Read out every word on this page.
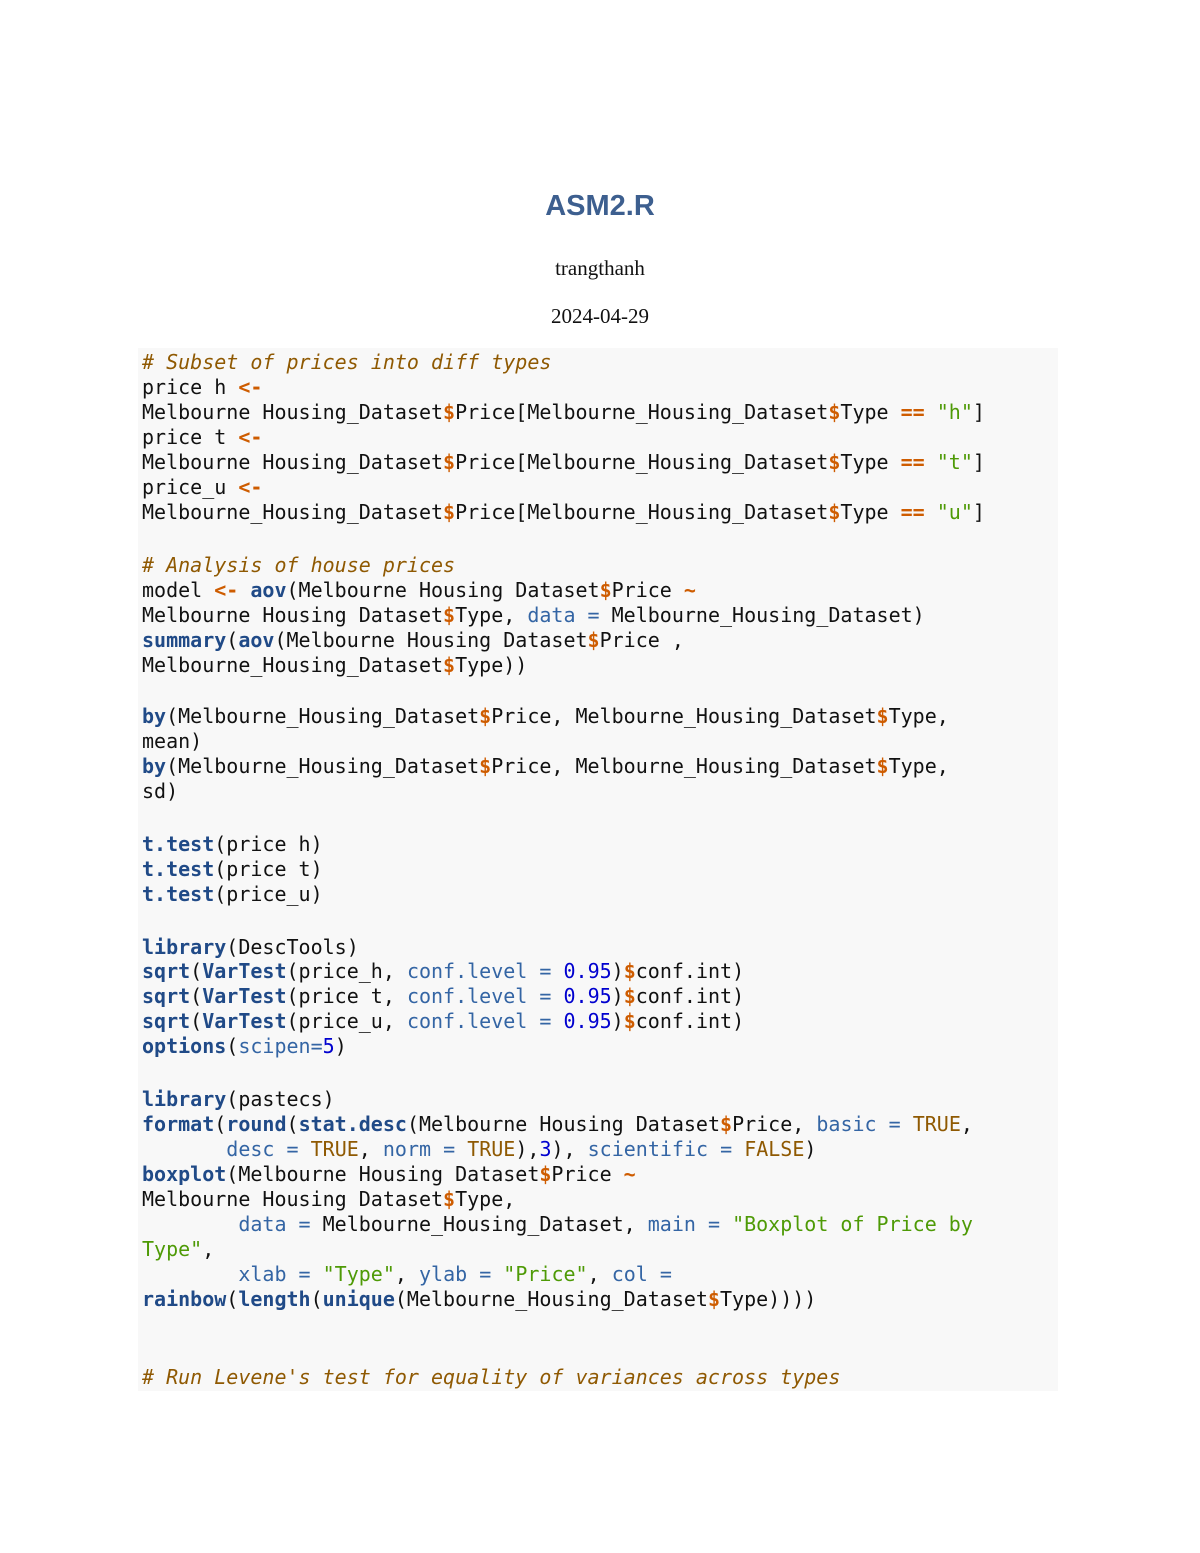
ASM2.R
trangthanh
2024-04-29
# Subset of prices into diff types
price h <-
Melbourne Housing_Dataset$Price[Melbourne_Housing_Dataset$Type == "h"]
price t <-
Melbourne Housing_Dataset$Price[Melbourne_Housing_Dataset$Type == "t"]
price_u <-
Melbourne_Housing_Dataset$Price[Melbourne_Housing_Dataset$Type == "u"]
# Analysis of house prices
model <- aov(Melbourne Housing Dataset$Price ~
Melbourne Housing Dataset$Type, data = Melbourne_Housing_Dataset)
summary(aov(Melbourne Housing Dataset$Price ,
Melbourne_Housing_Dataset$Type))
by(Melbourne_Housing_Dataset$Price, Melbourne_Housing_Dataset$Type,
mean)
by(Melbourne_Housing_Dataset$Price, Melbourne_Housing_Dataset$Type,
sd)
t.test(price h)
t.test(price t)
t.test(price_u)
library(DescTools)
sqrt(VarTest(price_h, conf.level = 0.95)$conf.int)
sqrt(VarTest(price t, conf.level = 0.95)$conf.int)
sqrt(VarTest(price_u, conf.level = 0.95)$conf.int)
options(scipen=5)
library(pastecs)
format(round(stat.desc(Melbourne Housing Dataset$Price, basic = TRUE,
desc = TRUE, norm = TRUE),3), scientific = FALSE)
boxplot(Melbourne Housing Dataset$Price ~
Melbourne Housing Dataset$Type,
data = Melbourne_Housing_Dataset, main = "Boxplot of Price by
Type",
xlab = "Type", ylab = "Price", col =
rainbow(length(unique(Melbourne_Housing_Dataset$Type))))
# Run Levene's test for equality of variances across types
